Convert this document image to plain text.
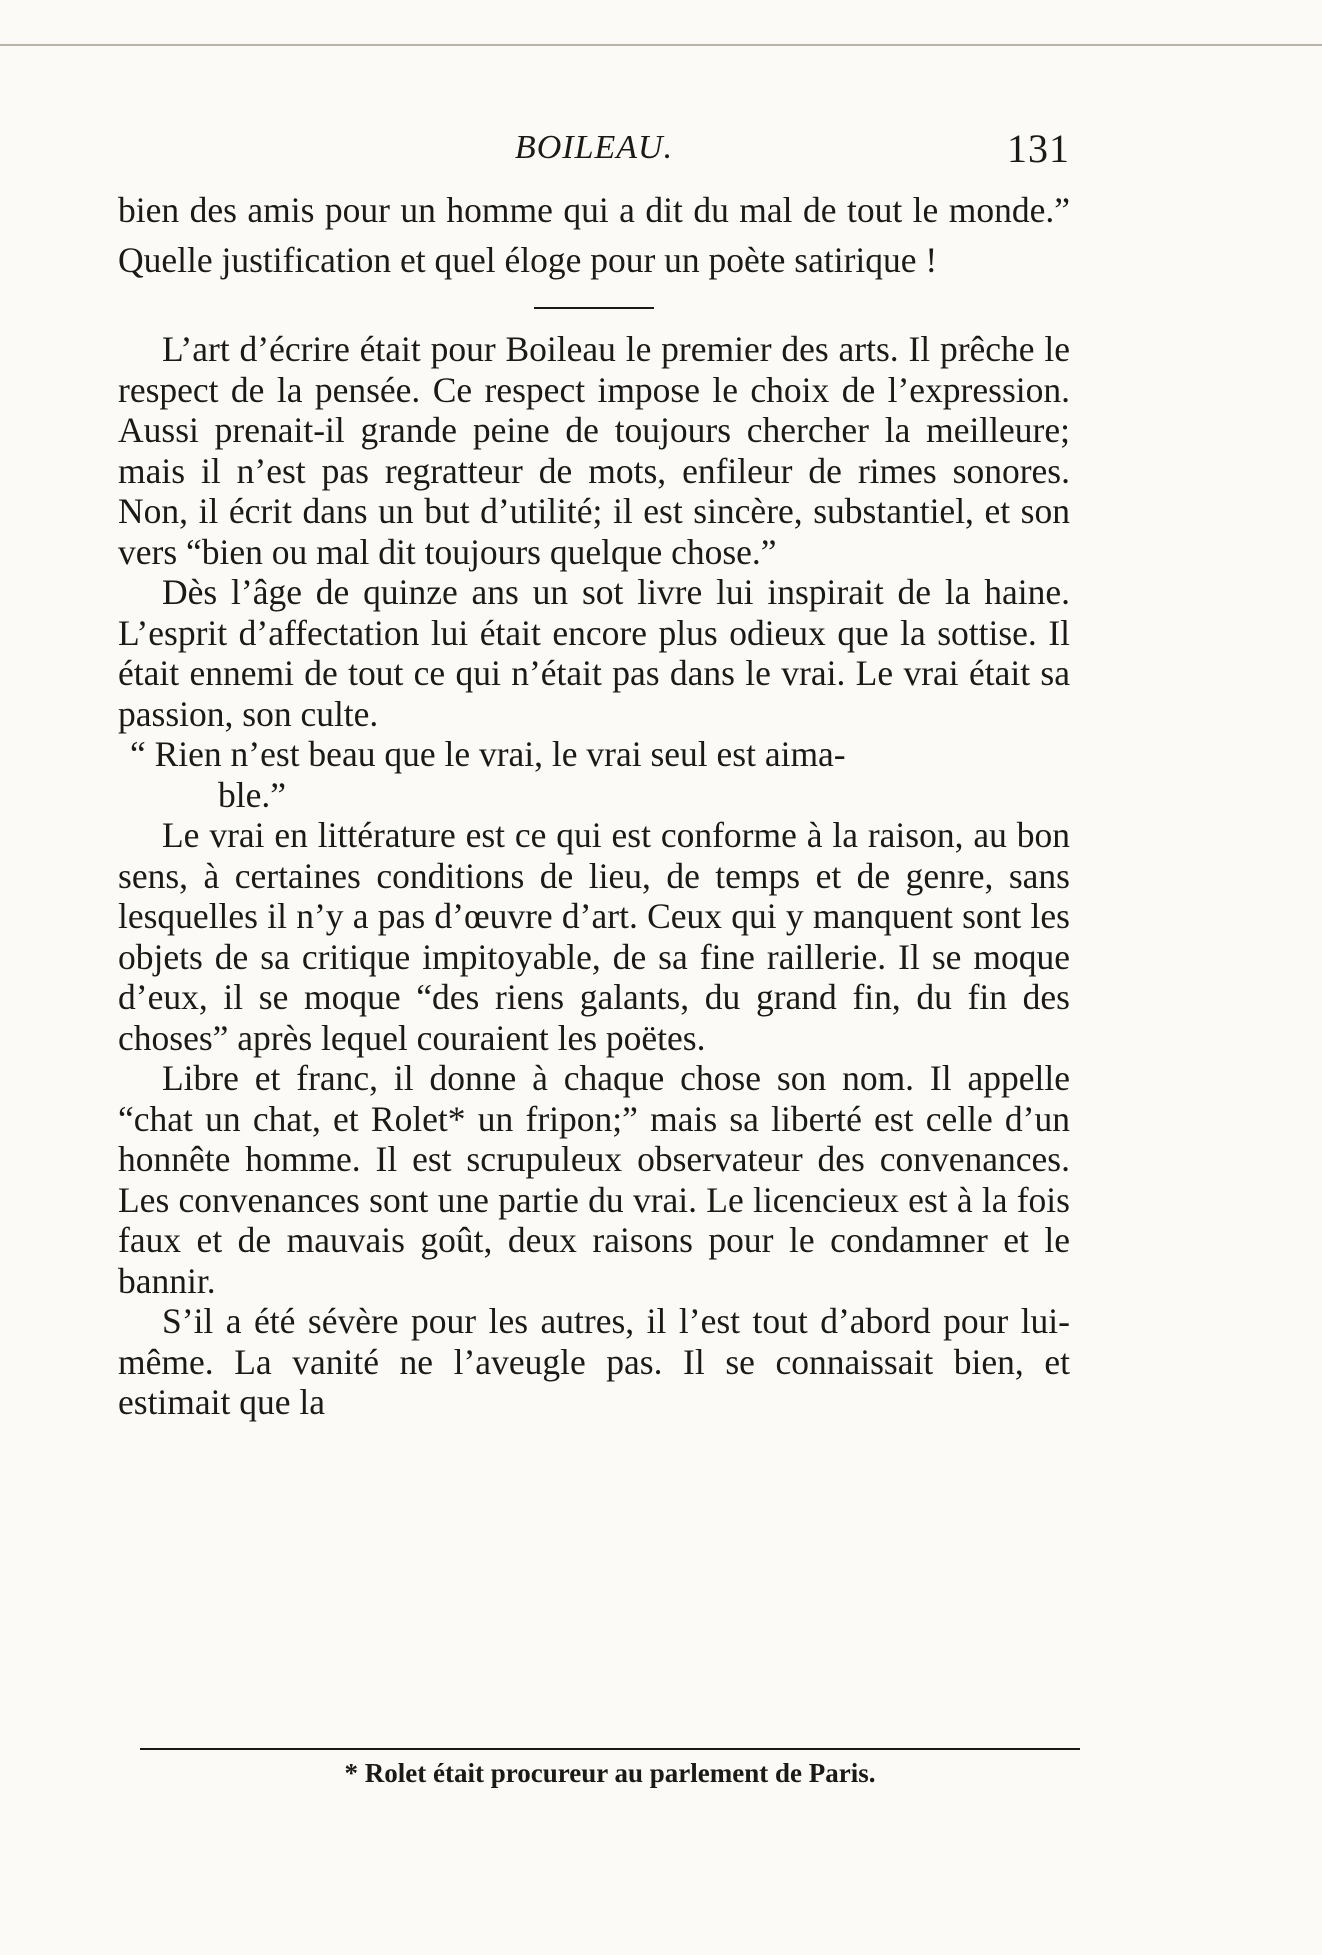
BOILEAU.	131

bien des amis pour un homme qui a dit du mal de tout le monde.” Quelle justification et quel éloge pour un poète satirique !

L’art d’écrire était pour Boileau le premier des arts. Il prêche le respect de la pensée. Ce respect impose le choix de l’expression. Aussi prenait-il grande peine de toujours chercher la meilleure; mais il n’est pas regratteur de mots, enfileur de rimes sonores. Non, il écrit dans un but d’utilité; il est sincère, substantiel, et son vers “bien ou mal dit toujours quelque chose.”

Dès l’âge de quinze ans un sot livre lui inspirait de la haine. L’esprit d’affectation lui était encore plus odieux que la sottise. Il était ennemi de tout ce qui n’était pas dans le vrai. Le vrai était sa passion, son culte.

“ Rien n’est beau que le vrai, le vrai seul est aima-

ble.”

Le vrai en littérature est ce qui est conforme à la raison, au bon sens, à certaines conditions de lieu, de temps et de genre, sans lesquelles il n’y a pas d’œuvre d’art. Ceux qui y manquent sont les objets de sa critique impitoyable, de sa fine raillerie. Il se moque d’eux, il se moque “des riens galants, du grand fin, du fin des choses” après lequel couraient les poëtes.

Libre et franc, il donne à chaque chose son nom. Il appelle “chat un chat, et Rolet* un fripon;” mais sa liberté est celle d’un honnête homme. Il est scrupuleux observateur des convenances. Les convenances sont une partie du vrai. Le licencieux est à la fois faux et de mauvais goût, deux raisons pour le condamner et le bannir.

S’il a été sévère pour les autres, il l’est tout d’abord pour lui-même. La vanité ne l’aveugle pas. Il se connaissait bien, et estimait que la

* Rolet était procureur au parlement de Paris.
